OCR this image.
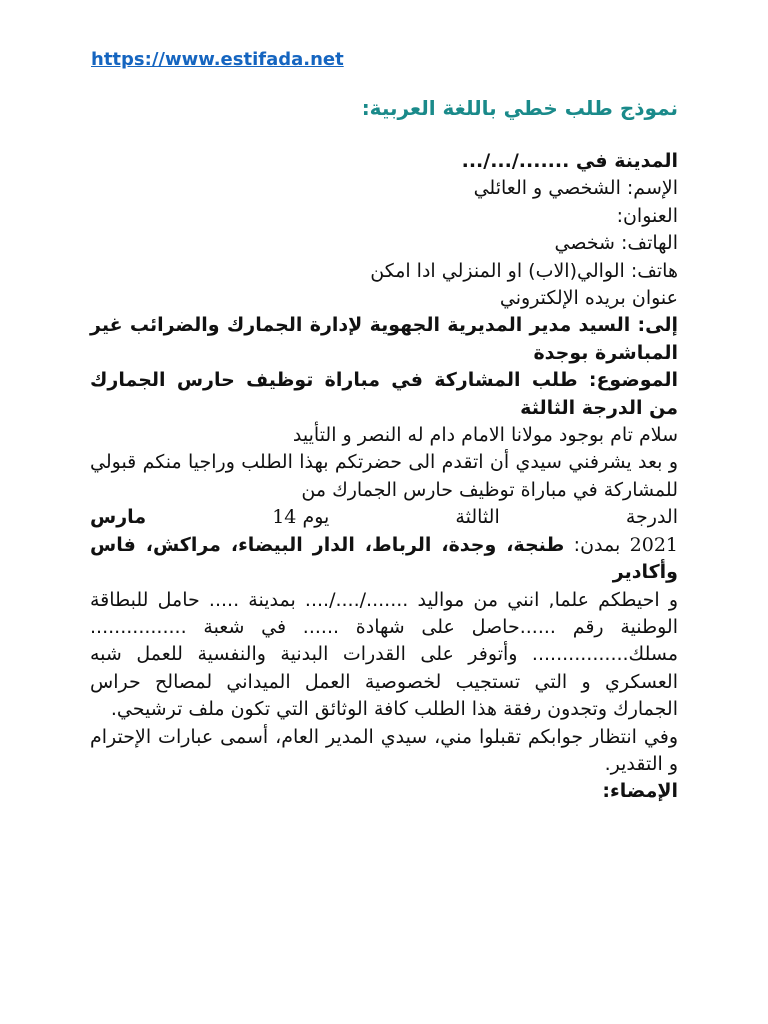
https://www.estifada.net
نموذج طلب خطي باللغة العربية:

المدينة في ......./.../...

الإسم: الشخصي و العائلي

العنوان:

الهاتف: شخصي

هاتف: الوالي(الاب) او المنزلي ادا امكن

عنوان بريده الإلكتروني

إلى: السيد مدير المديرية الجهوية لإدارة الجمارك والضرائب غير المباشرة بوجدة

الموضوع: طلب المشاركة في مباراة توظيف حارس الجمارك من الدرجة الثالثة

سلام تام بوجود مولانا الامام دام له النصر و التأييد

و بعد يشرفني سيدي أن اتقدم الى حضرتكم بهذا الطلب وراجيا منكم قبولي للمشاركة في مباراة توظيف حارس الجمارك من

الدرجة
الثالثة
يوم 14
مارس

2021 بمدن: طنجة، وجدة، الرباط، الدار البيضاء، مراكش، فاس وأكادير

و احيطكم علما, انني من مواليد ......./..../.... بمدينة ..... حامل للبطاقة الوطنية رقم ......حاصل على شهادة ...... في شعبة ................ مسلك................ وأتوفر على القدرات البدنية والنفسية للعمل شبه العسكري و التي تستجيب لخصوصية العمل الميداني لمصالح حراس الجمارك وتجدون رفقة هذا الطلب كافة الوثائق التي تكون ملف ترشيحي.

وفي انتظار جوابكم تقبلوا مني، سيدي المدير العام، أسمى عبارات الإحترام و التقدير.

الإمضاء:
